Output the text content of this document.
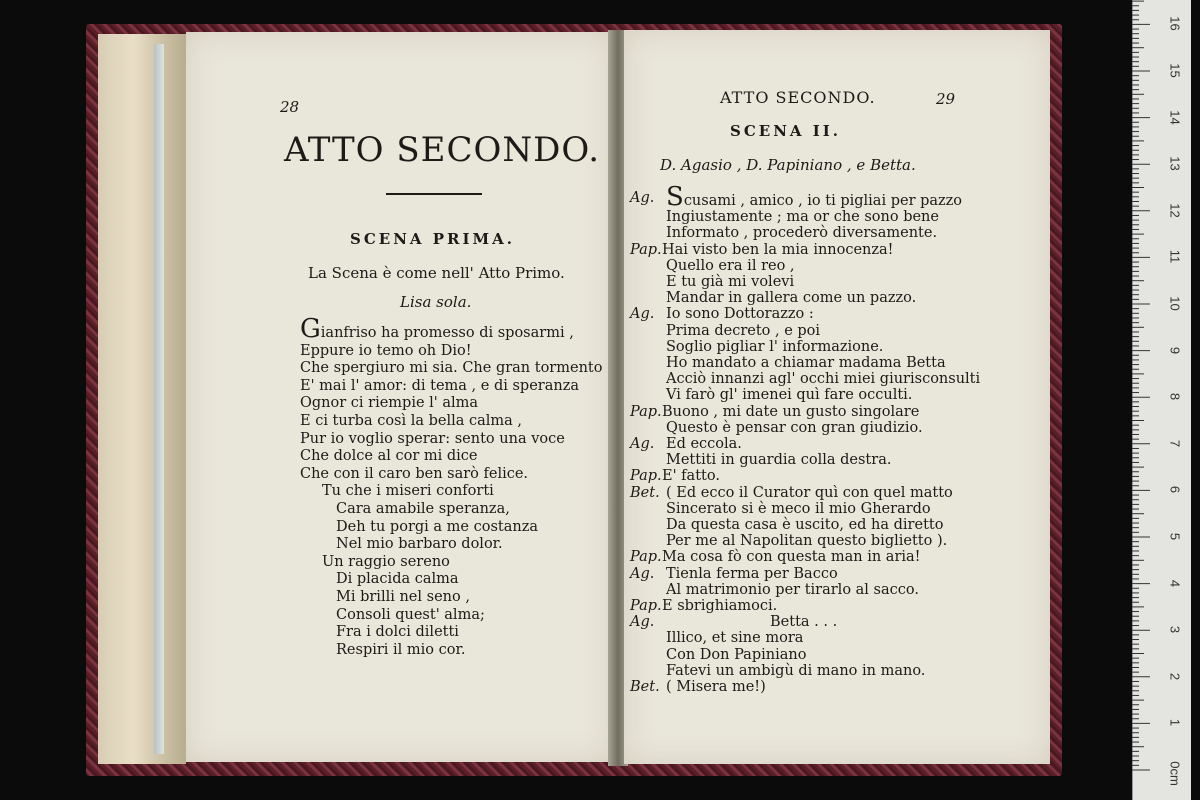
28
ATTO SECONDO.
SCENA PRIMA.
La Scena è come nell' Atto Primo.
Lisa sola.
Gianfriso ha promesso di sposarmi ,
Eppure io temo oh Dio!
Che spergiuro mi sia. Che gran tormento
E' mai l' amor: di tema , e di speranza
Ognor ci riempie l' alma
E ci turba così la bella calma ,
Pur io voglio sperar: sento una voce
Che dolce al cor mi dice
Che con il caro ben sarò felice.
Tu che i miseri conforti
Cara amabile speranza,
Deh tu porgi a me costanza
Nel mio barbaro dolor.
Un raggio sereno
Di placida calma
Mi brilli nel seno ,
Consoli quest' alma;
Fra i dolci diletti
Respiri il mio cor.
ATTO SECONDO.	29
SCENA II.
D. Agasio , D. Papiniano , e Betta.
Ag. Scusami , amico , io ti pigliai per pazzo
Ingiustamente ; ma or che sono bene
Informato , procederò diversamente.
Pap. Hai visto ben la mia innocenza!
Quello era il reo ,
E tu già mi volevi
Mandar in gallera come un pazzo.
Ag. Io sono Dottorazzo :
Prima decreto , e poi
Soglio pigliar l' informazione.
Ho mandato a chiamar madama Betta
Acciò innanzi agl' occhi miei giurisconsulti
Vi farò gl' imenei quì fare occulti.
Pap. Buono , mi date un gusto singolare
Questo è pensar con gran giudizio.
Ag. Ed eccola.
Mettiti in guardia colla destra.
Pap. E' fatto.
Bet. ( Ed ecco il Curator quì con quel matto
Sincerato si è meco il mio Gherardo
Da questa casa è uscito, ed ha diretto
Per me al Napolitan questo biglietto ).
Pap. Ma cosa fò con questa man in aria!
Ag. Tienla ferma per Bacco
Al matrimonio per tirarlo al sacco.
Pap. E sbrighiamoci.
Ag.	Betta . . .
Illico, et sine mora
Con Don Papiniano
Fatevi un ambigù di mano in mano.
Bet. ( Misera me!)
16
15
14
13
12
11
10
9
8
7
6
5
4
3
2
1
0cm
